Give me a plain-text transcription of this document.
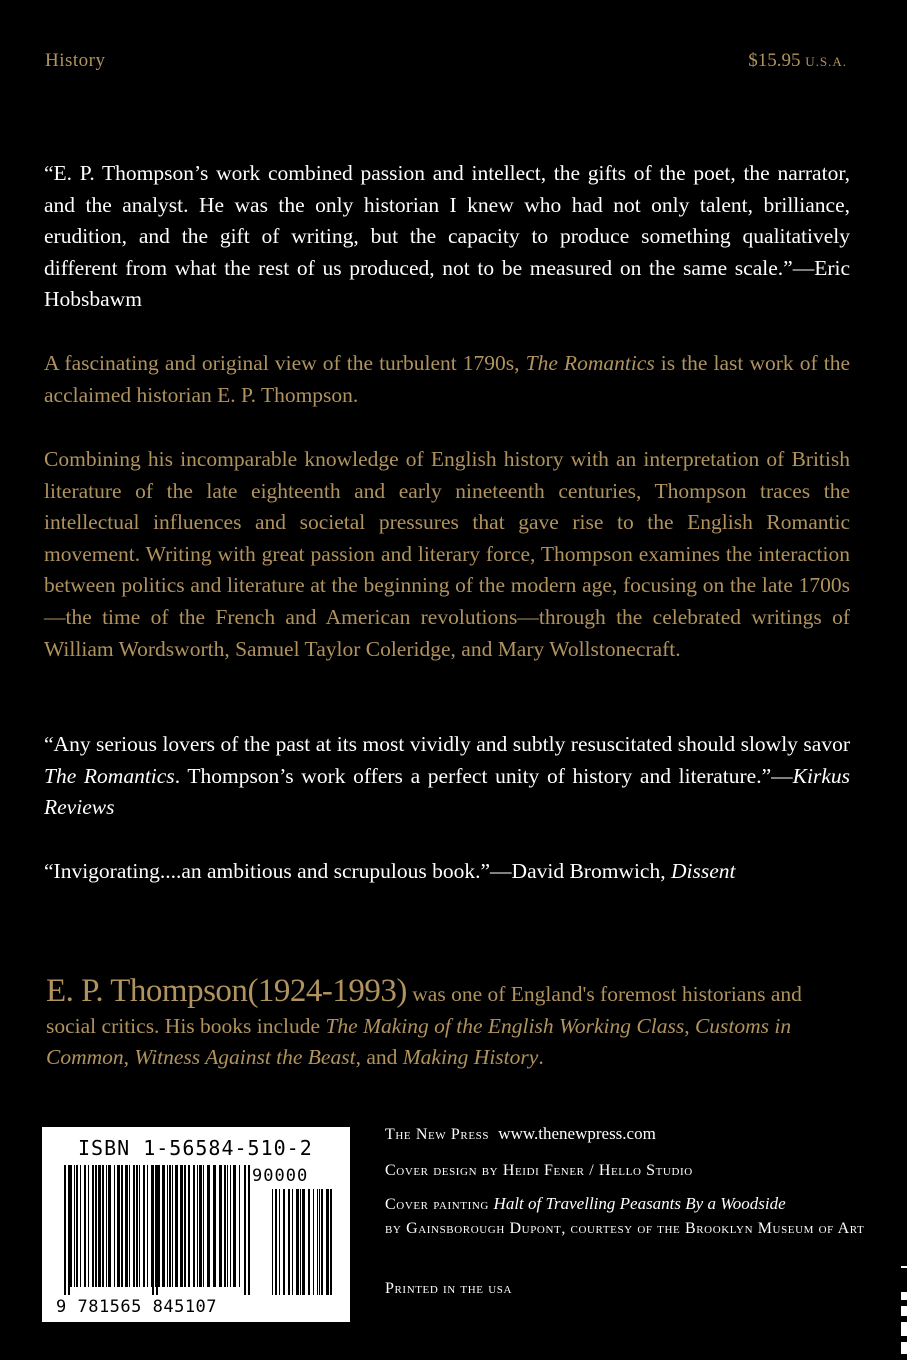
History	$15.95 U.S.A.
“E. P. Thompson’s work combined passion and intellect, the gifts of the poet, the narrator, and the analyst. He was the only historian I knew who had not only talent, brilliance, erudition, and the gift of writing, but the capacity to produce something qualitatively different from what the rest of us produced, not to be measured on the same scale.”—Eric Hobsbawm
A fascinating and original view of the turbulent 1790s, The Romantics is the last work of the acclaimed historian E. P. Thompson.
Combining his incomparable knowledge of English history with an interpretation of British literature of the late eighteenth and early nineteenth centuries, Thompson traces the intellectual influences and societal pressures that gave rise to the English Romantic movement. Writing with great passion and literary force, Thompson examines the interaction between politics and literature at the beginning of the modern age, focusing on the late 1700s—the time of the French and American revolutions—through the celebrated writings of William Wordsworth, Samuel Taylor Coleridge, and Mary Wollstonecraft.
“Any serious lovers of the past at its most vividly and subtly resuscitated should slowly savor The Romantics. Thompson’s work offers a perfect unity of history and literature.”—Kirkus Reviews
“Invigorating....an ambitious and scrupulous book.”—David Bromwich, Dissent
E. P. Thompson(1924-1993) was one of England's foremost historians and social critics. His books include The Making of the English Working Class, Customs in Common, Witness Against the Beast, and Making History.
ISBN 1-56584-510-2
90000
9 781565 845107
The New Press www.thenewpress.com
Cover design by Heidi Fener / Hello Studio
Cover painting Halt of Travelling Peasants By a Woodside
by Gainsborough Dupont, courtesy of the Brooklyn Museum of Art
Printed in the usa
